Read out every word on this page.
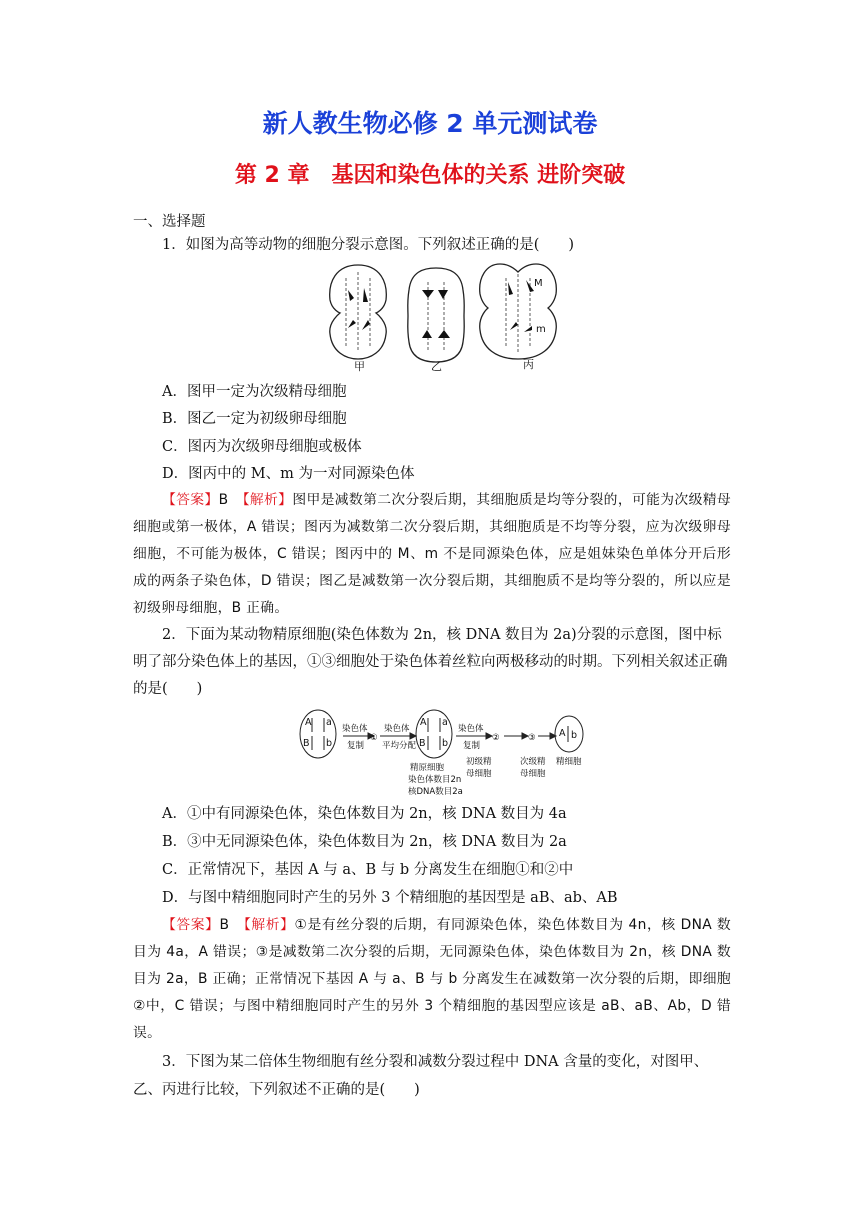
新人教生物必修 2 单元测试卷
第 2 章　基因和染色体的关系 进阶突破
一、选择题

1．如图为高等动物的细胞分裂示意图。下列叙述正确的是(　　)

M
m
甲	乙	丙

A．图甲一定为次级精母细胞

B．图乙一定为初级卵母细胞

C．图丙为次级卵母细胞或极体

D．图丙中的 M、m 为一对同源染色体

【答案】B　 【解析】图甲是减数第二次分裂后期，其细胞质是均等分裂的，可能为次级精母细胞或第一极体，A 错误；图丙为减数第二次分裂后期，其细胞质是不均等分裂，应为次级卵母细胞，不可能为极体，C 错误；图丙中的 M、m 不是同源染色体，应是姐妹染色单体分开后形成的两条子染色体，D 错误；图乙是减数第一次分裂后期，其细胞质不是均等分裂的，所以应是初级卵母细胞，B 正确。

2．下面为某动物精原细胞(染色体数为 2n，核 DNA 数目为 2a)分裂的示意图，图中标明了部分染色体上的基因，①③细胞处于染色体着丝粒向两极移动的时期。下列相关叙述正确的是(　　)

A a
B b
A a
B b
A b
染色体
复制
①
染色体
平均分配
染色体
复制
②	③
精原细胞
染色体数目2n
核DNA数目2a
初级精
母细胞
次级精
母细胞
精细胞

A．①中有同源染色体，染色体数目为 2n，核 DNA 数目为 4a

B．③中无同源染色体，染色体数目为 2n，核 DNA 数目为 2a

C．正常情况下，基因 A 与 a、B 与 b 分离发生在细胞①和②中

D．与图中精细胞同时产生的另外 3 个精细胞的基因型是 aB、ab、AB

【答案】B　 【解析】①是有丝分裂的后期，有同源染色体，染色体数目为 4n，核 DNA 数目为 4a，A 错误；③是减数第二次分裂的后期，无同源染色体，染色体数目为 2n，核 DNA 数目为 2a，B 正确；正常情况下基因 A 与 a、B 与 b 分离发生在减数第一次分裂的后期，即细胞②中，C 错误；与图中精细胞同时产生的另外 3 个精细胞的基因型应该是 aB、aB、Ab，D 错误。

3．下图为某二倍体生物细胞有丝分裂和减数分裂过程中 DNA 含量的变化，对图甲、乙、丙进行比较，下列叙述不正确的是(　　)
